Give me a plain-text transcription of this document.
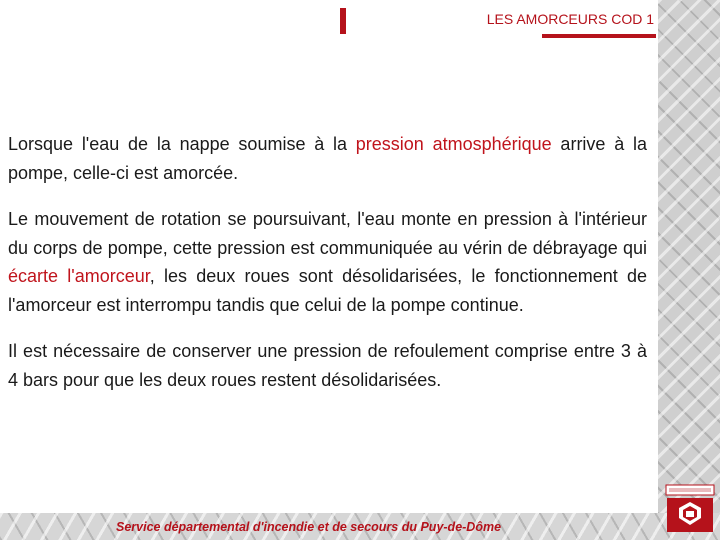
LES AMORCEURS COD 1

Lorsque l'eau de la nappe soumise à la pression atmosphérique arrive à la pompe, celle-ci est amorcée.

Le mouvement de rotation se poursuivant, l'eau monte en pression à l'intérieur du corps de pompe, cette pression est communiquée au vérin de débrayage qui écarte l'amorceur, les deux roues sont désolidarisées, le fonctionnement de l'amorceur est interrompu tandis que celui de la pompe continue.

Il est nécessaire de conserver une pression de refoulement comprise entre 3 à 4 bars pour que les deux roues restent désolidarisées.

Service départemental d'incendie et de secours du Puy-de-Dôme
